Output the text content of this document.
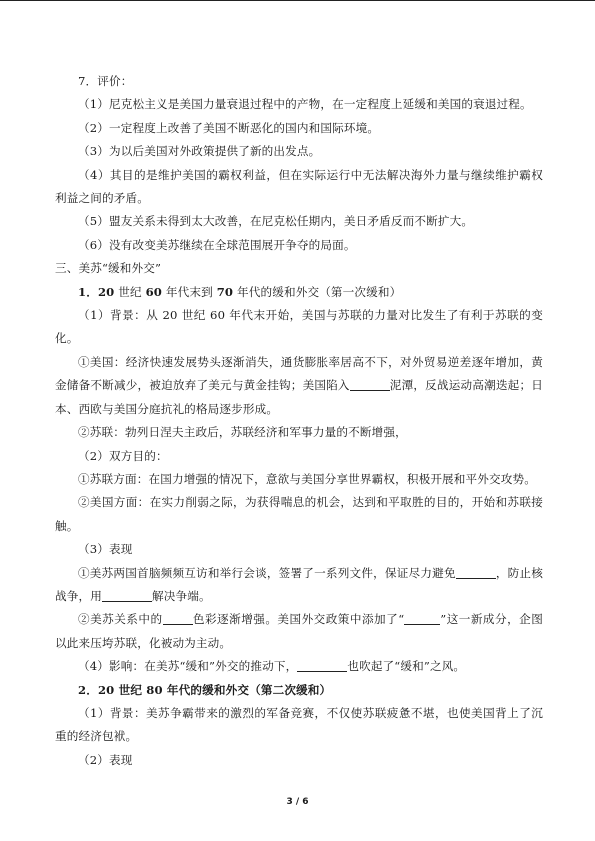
7．评价：

（1）尼克松主义是美国力量衰退过程中的产物，在一定程度上延缓和美国的衰退过程。

（2）一定程度上改善了美国不断恶化的国内和国际环境。

（3）为以后美国对外政策提供了新的出发点。

（4）其目的是维护美国的霸权利益，但在实际运行中无法解决海外力量与继续维护霸权利益之间的矛盾。

（5）盟友关系未得到太大改善，在尼克松任期内，美日矛盾反而不断扩大。

（6）没有改变美苏继续在全球范围展开争夺的局面。

三、美苏“缓和外交”

1．20 世纪 60 年代末到 70 年代的缓和外交（第一次缓和）

（1）背景：从 20 世纪 60 年代末开始，美国与苏联的力量对比发生了有利于苏联的变化。

①美国：经济快速发展势头逐渐消失，通货膨胀率居高不下，对外贸易逆差逐年增加，黄金储备不断减少，被迫放弃了美元与黄金挂钩；美国陷入	泥潭，反战运动高潮迭起；日本、西欧与美国分庭抗礼的格局逐步形成。

②苏联：勃列日涅夫主政后，苏联经济和军事力量的不断增强，

（2）双方目的：

①苏联方面：在国力增强的情况下，意欲与美国分享世界霸权，积极开展和平外交攻势。

②美国方面：在实力削弱之际，为获得喘息的机会，达到和平取胜的目的，开始和苏联接触。

（3）表现

①美苏两国首脑频频互访和举行会谈，签署了一系列文件，保证尽力避免	，防止核战争，用	解决争端。

②美苏关系中的	色彩逐渐增强。美国外交政策中添加了“	”这一新成分，企图以此来压垮苏联，化被动为主动。

（4）影响：在美苏“缓和”外交的推动下，	也吹起了“缓和”之风。

2．20 世纪 80 年代的缓和外交（第二次缓和）

（1）背景：美苏争霸带来的激烈的军备竞赛，不仅使苏联疲惫不堪，也使美国背上了沉重的经济包袱。

（2）表现

3 / 6
